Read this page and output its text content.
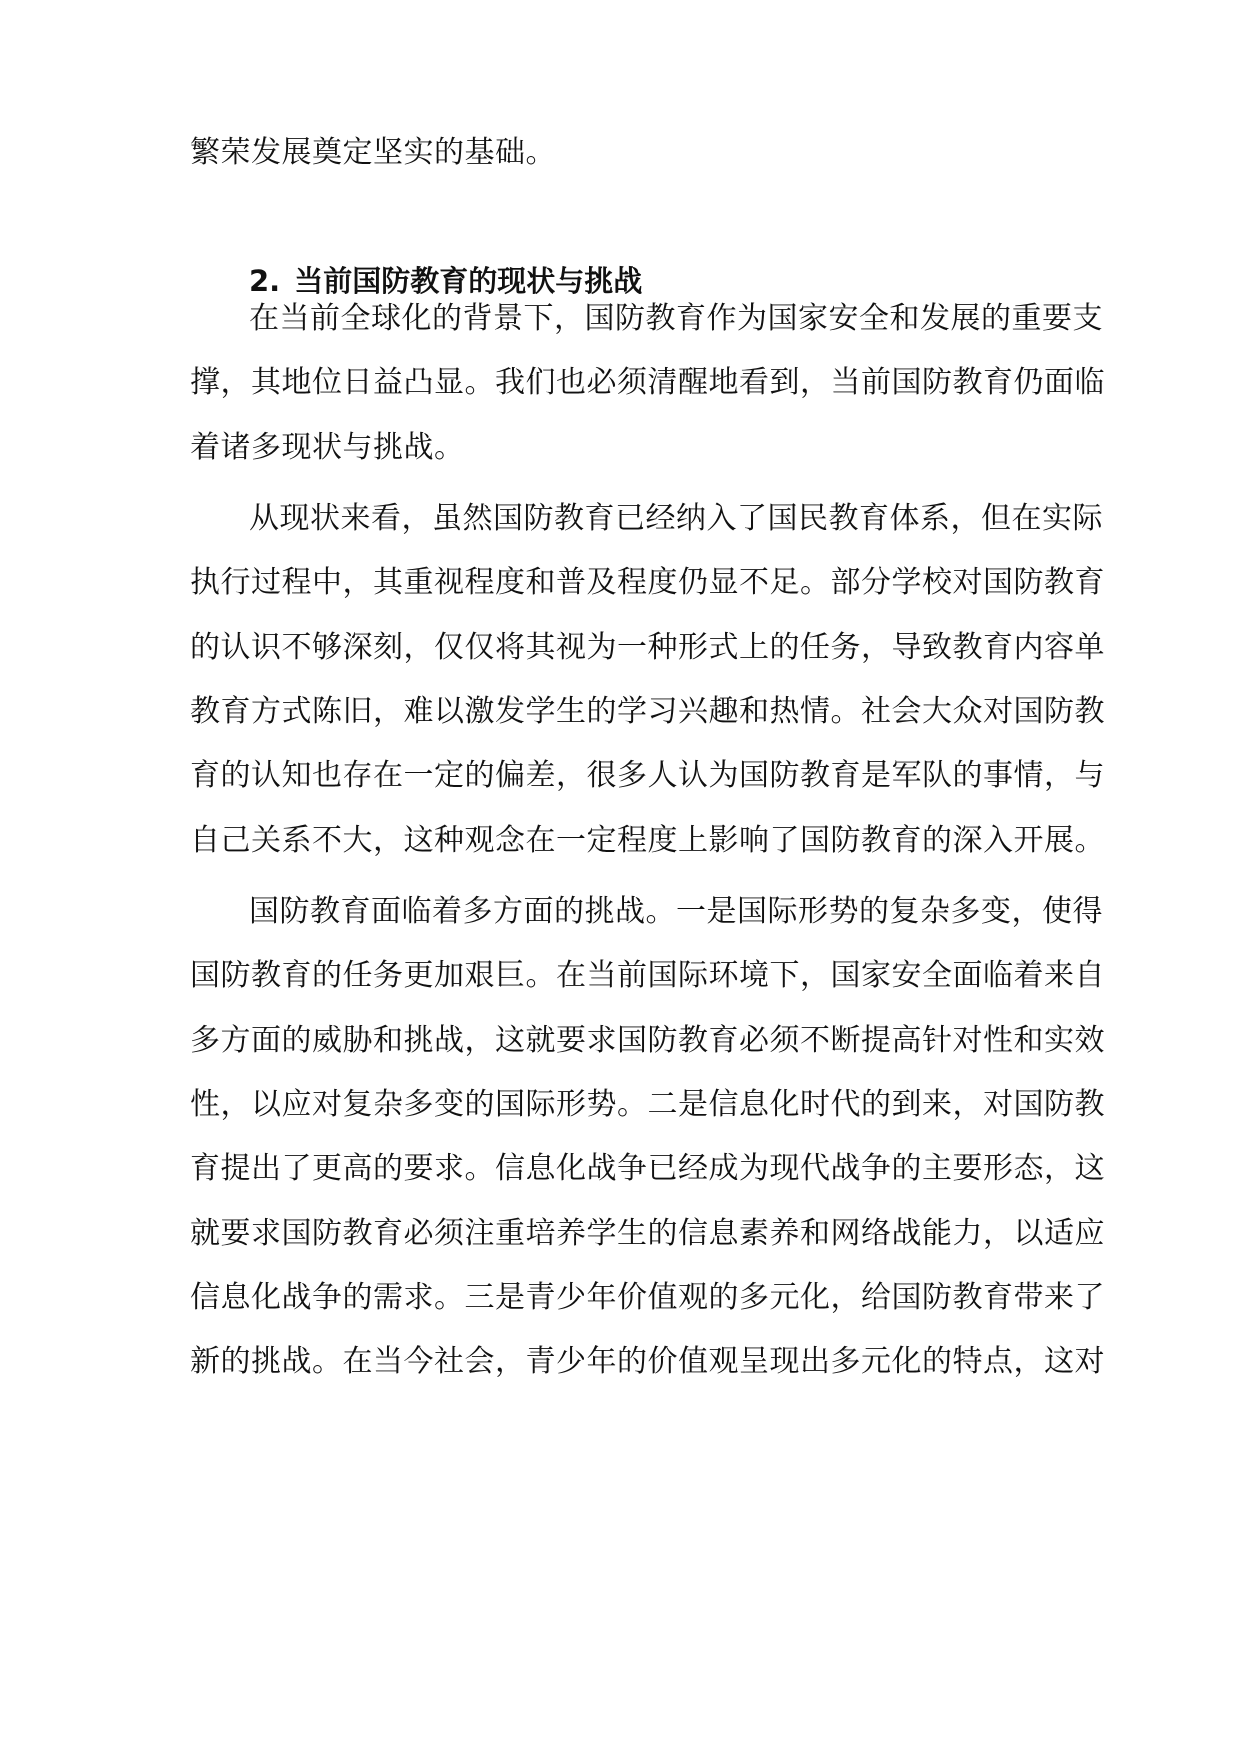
繁荣发展奠定坚实的基础。
2. 当前国防教育的现状与挑战
在当前全球化的背景下，国防教育作为国家安全和发展的重要支
撑，其地位日益凸显。我们也必须清醒地看到，当前国防教育仍面临
着诸多现状与挑战。
从现状来看，虽然国防教育已经纳入了国民教育体系，但在实际
执行过程中，其重视程度和普及程度仍显不足。部分学校对国防教育
的认识不够深刻，仅仅将其视为一种形式上的任务，导致教育内容单
教育方式陈旧，难以激发学生的学习兴趣和热情。社会大众对国防教
育的认知也存在一定的偏差，很多人认为国防教育是军队的事情，与
自己关系不大，这种观念在一定程度上影响了国防教育的深入开展。
国防教育面临着多方面的挑战。一是国际形势的复杂多变，使得
国防教育的任务更加艰巨。在当前国际环境下，国家安全面临着来自
多方面的威胁和挑战，这就要求国防教育必须不断提高针对性和实效
性，以应对复杂多变的国际形势。二是信息化时代的到来，对国防教
育提出了更高的要求。信息化战争已经成为现代战争的主要形态，这
就要求国防教育必须注重培养学生的信息素养和网络战能力，以适应
信息化战争的需求。三是青少年价值观的多元化，给国防教育带来了
新的挑战。在当今社会，青少年的价值观呈现出多元化的特点，这对
